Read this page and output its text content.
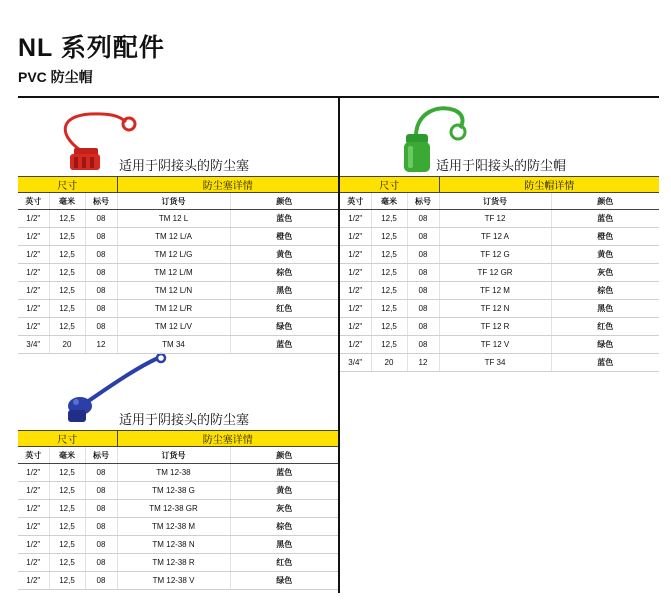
NL 系列配件
PVC 防尘帽
适用于阴接头的防尘塞
尺寸			防尘塞详情	
英寸	毫米	标号	订货号	颜色
1/2"	12,5	08	TM 12 L	蓝色
1/2"	12,5	08	TM 12 L/A	橙色
1/2"	12,5	08	TM 12 L/G	黄色
1/2"	12,5	08	TM 12 L/M	棕色
1/2"	12,5	08	TM 12 L/N	黑色
1/2"	12,5	08	TM 12 L/R	红色
1/2"	12,5	08	TM 12 L/V	绿色
3/4"	20	12	TM 34	蓝色
适用于阳接头的防尘帽
尺寸			防尘帽详情	
英寸	毫米	标号	订货号	颜色
1/2"	12,5	08	TF 12	蓝色
1/2"	12,5	08	TF 12 A	橙色
1/2"	12,5	08	TF 12 G	黄色
1/2"	12,5	08	TF 12 GR	灰色
1/2"	12,5	08	TF 12 M	棕色
1/2"	12,5	08	TF 12 N	黑色
1/2"	12,5	08	TF 12 R	红色
1/2"	12,5	08	TF 12 V	绿色
3/4"	20	12	TF 34	蓝色
适用于阴接头的防尘塞
尺寸			防尘塞详情	
英寸	毫米	标号	订货号	颜色
1/2"	12,5	08	TM 12-38	蓝色
1/2"	12,5	08	TM 12-38 G	黄色
1/2"	12,5	08	TM 12-38 GR	灰色
1/2"	12,5	08	TM 12-38 M	棕色
1/2"	12,5	08	TM 12-38 N	黑色
1/2"	12,5	08	TM 12-38 R	红色
1/2"	12,5	08	TM 12-38 V	绿色
